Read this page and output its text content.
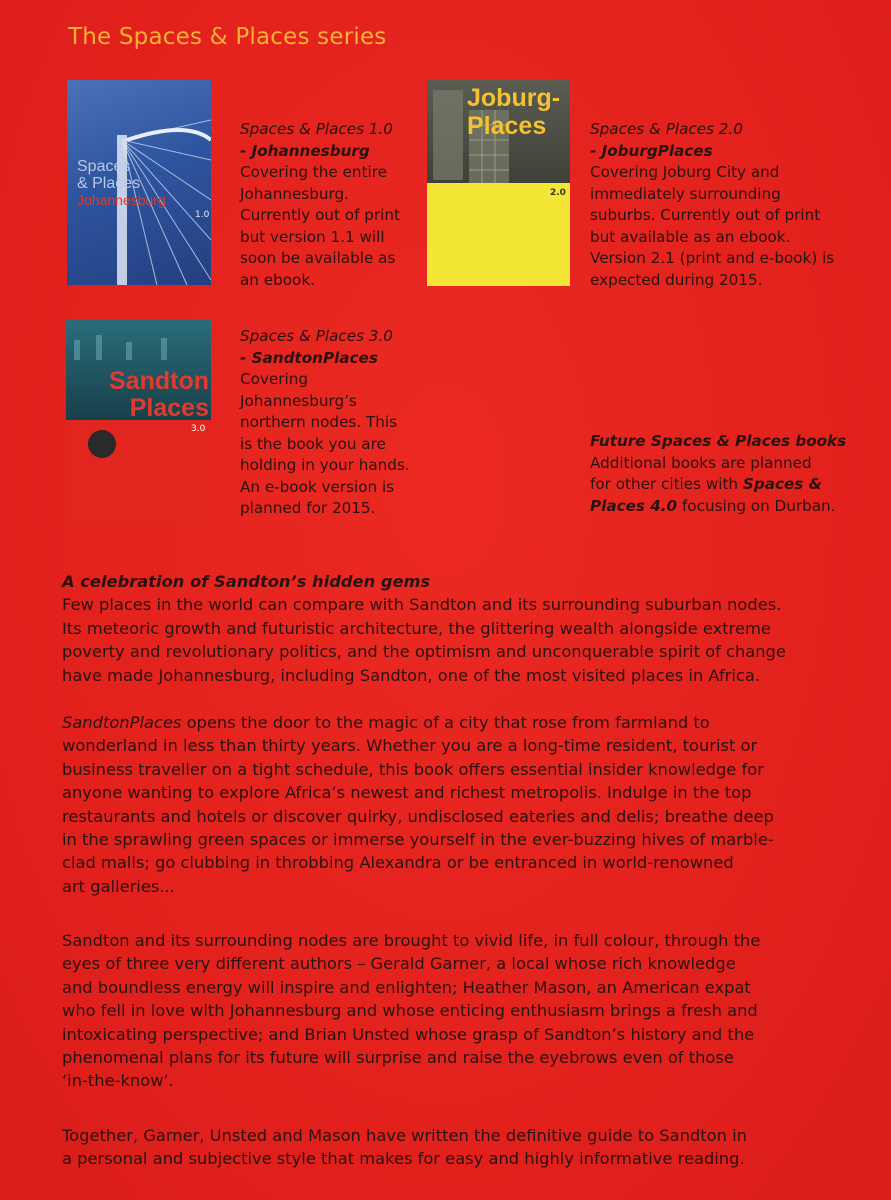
The Spaces & Places series
Spaces
& Places
Johannesburg
1.0
Joburg-
Places
2.0
Sandton
Places
3.0
Spaces & Places 1.0
- Johannesburg
Covering the entire
Johannesburg.
Currently out of print
but version 1.1 will
soon be available as
an ebook.
Spaces & Places 2.0
- JoburgPlaces
Covering Joburg City and
immediately surrounding
suburbs. Currently out of print
but available as an ebook.
Version 2.1 (print and e-book) is
expected during 2015.
Spaces & Places 3.0
- SandtonPlaces
Covering
Johannesburg’s
northern nodes. This
is the book you are
holding in your hands.
An e-book version is
planned for 2015.
Future Spaces & Places books
Additional books are planned
for other cities with Spaces &
Places 4.0 focusing on Durban.

A celebration of Sandton’s hidden gems

Few places in the world can compare with Sandton and its surrounding suburban nodes.

Its meteoric growth and futuristic architecture, the glittering wealth alongside extreme

poverty and revolutionary politics, and the optimism and unconquerable spirit of change

have made Johannesburg, including Sandton, one of the most visited places in Africa.

SandtonPlaces opens the door to the magic of a city that rose from farmland to

wonderland in less than thirty years. Whether you are a long-time resident, tourist or

business traveller on a tight schedule, this book offers essential insider knowledge for

anyone wanting to explore Africa’s newest and richest metropolis. Indulge in the top

restaurants and hotels or discover quirky, undisclosed eateries and delis; breathe deep

in the sprawling green spaces or immerse yourself in the ever-buzzing hives of marble-

clad malls; go clubbing in throbbing Alexandra or be entranced in world-renowned

art galleries...

Sandton and its surrounding nodes are brought to vivid life, in full colour, through the

eyes of three very different authors – Gerald Garner, a local whose rich knowledge

and boundless energy will inspire and enlighten; Heather Mason, an American expat

who fell in love with Johannesburg and whose enticing enthusiasm brings a fresh and

intoxicating perspective; and Brian Unsted whose grasp of Sandton’s history and the

phenomenal plans for its future will surprise and raise the eyebrows even of those

‘in-the-know’.

Together, Garner, Unsted and Mason have written the definitive guide to Sandton in

a personal and subjective style that makes for easy and highly informative reading.
